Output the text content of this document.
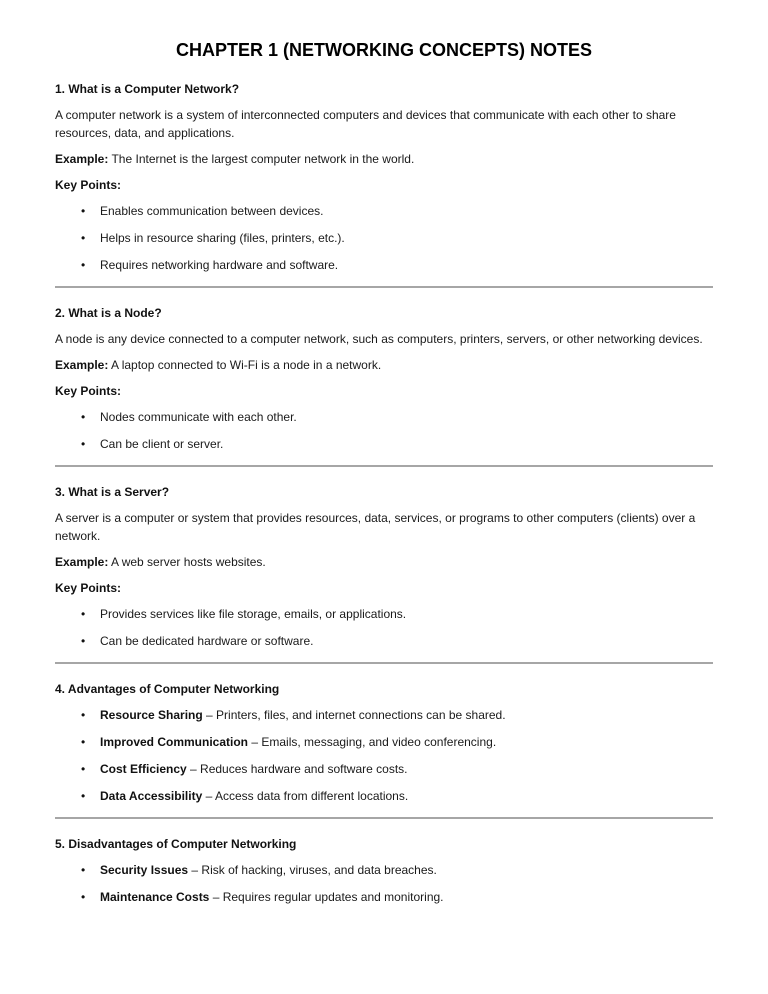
CHAPTER 1 (NETWORKING CONCEPTS) NOTES
1. What is a Computer Network?

A computer network is a system of interconnected computers and devices that communicate with each other to share resources, data, and applications.

Example: The Internet is the largest computer network in the world.

Key Points:

• Enables communication between devices.
• Helps in resource sharing (files, printers, etc.).
• Requires networking hardware and software.
2. What is a Node?

A node is any device connected to a computer network, such as computers, printers, servers, or other networking devices.

Example: A laptop connected to Wi-Fi is a node in a network.

Key Points:

• Nodes communicate with each other.
• Can be client or server.
3. What is a Server?

A server is a computer or system that provides resources, data, services, or programs to other computers (clients) over a network.

Example: A web server hosts websites.

Key Points:

• Provides services like file storage, emails, or applications.
• Can be dedicated hardware or software.
4. Advantages of Computer Networking
• Resource Sharing – Printers, files, and internet connections can be shared.
• Improved Communication – Emails, messaging, and video conferencing.
• Cost Efficiency – Reduces hardware and software costs.
• Data Accessibility – Access data from different locations.
5. Disadvantages of Computer Networking
• Security Issues – Risk of hacking, viruses, and data breaches.
• Maintenance Costs – Requires regular updates and monitoring.
